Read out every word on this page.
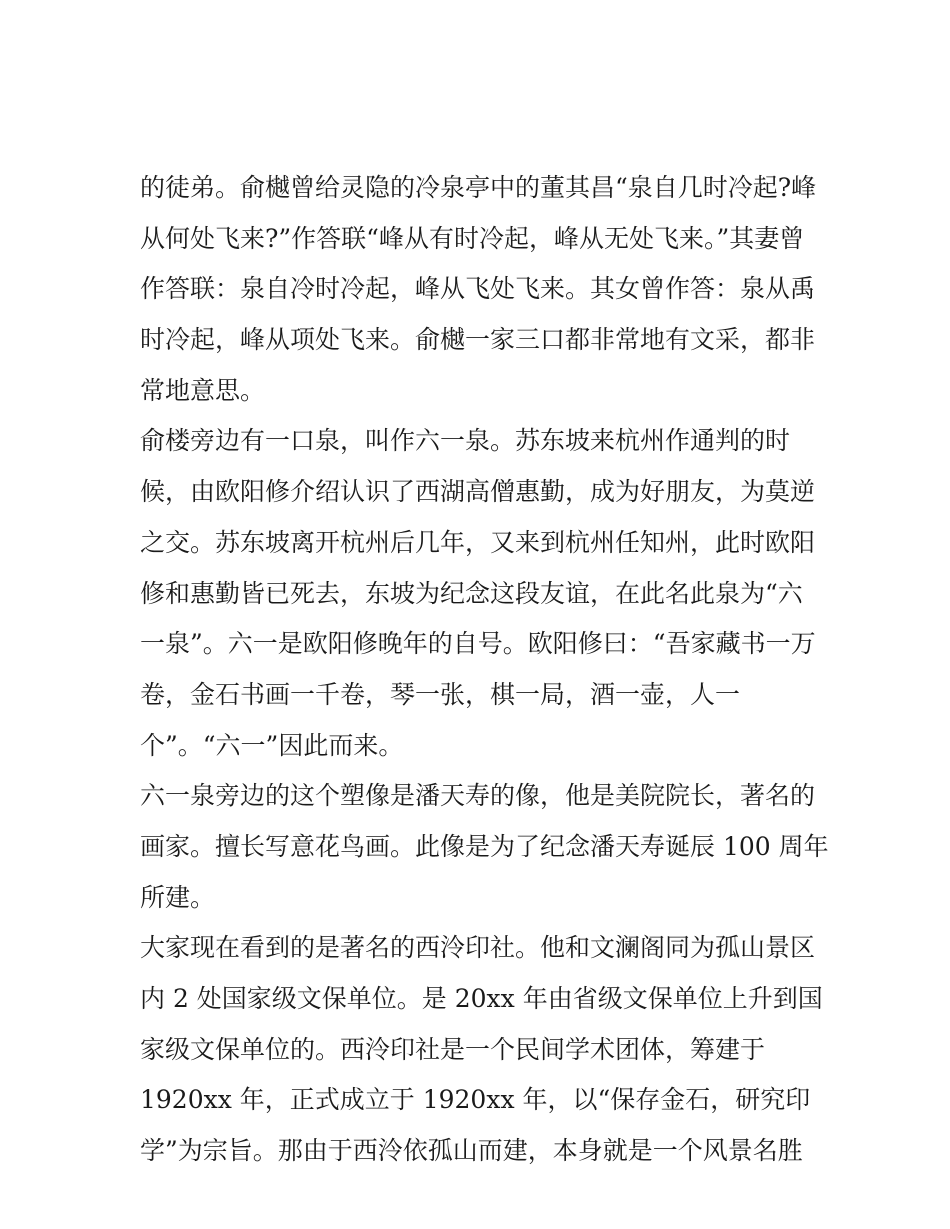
的徒弟。俞樾曾给灵隐的冷泉亭中的董其昌“泉自几时冷起?峰
从何处飞来?”作答联“峰从有时冷起，峰从无处飞来。”其妻曾
作答联：泉自冷时冷起，峰从飞处飞来。其女曾作答：泉从禹
时冷起，峰从项处飞来。俞樾一家三口都非常地有文采，都非
常地意思。
俞楼旁边有一口泉，叫作六一泉。苏东坡来杭州作通判的时
候，由欧阳修介绍认识了西湖高僧惠勤，成为好朋友，为莫逆
之交。苏东坡离开杭州后几年，又来到杭州任知州，此时欧阳
修和惠勤皆已死去，东坡为纪念这段友谊，在此名此泉为“六
一泉”。六一是欧阳修晚年的自号。欧阳修曰：“吾家藏书一万
卷，金石书画一千卷，琴一张，棋一局，酒一壶，人一
个”。“六一”因此而来。
六一泉旁边的这个塑像是潘天寿的像，他是美院院长，著名的
画家。擅长写意花鸟画。此像是为了纪念潘天寿诞辰 100 周年
所建。
大家现在看到的是著名的西泠印社。他和文澜阁同为孤山景区
内 2 处国家级文保单位。是 20xx 年由省级文保单位上升到国
家级文保单位的。西泠印社是一个民间学术团体，筹建于
1920xx 年，正式成立于 1920xx 年，以“保存金石，研究印
学”为宗旨。那由于西泠依孤山而建，本身就是一个风景名胜
